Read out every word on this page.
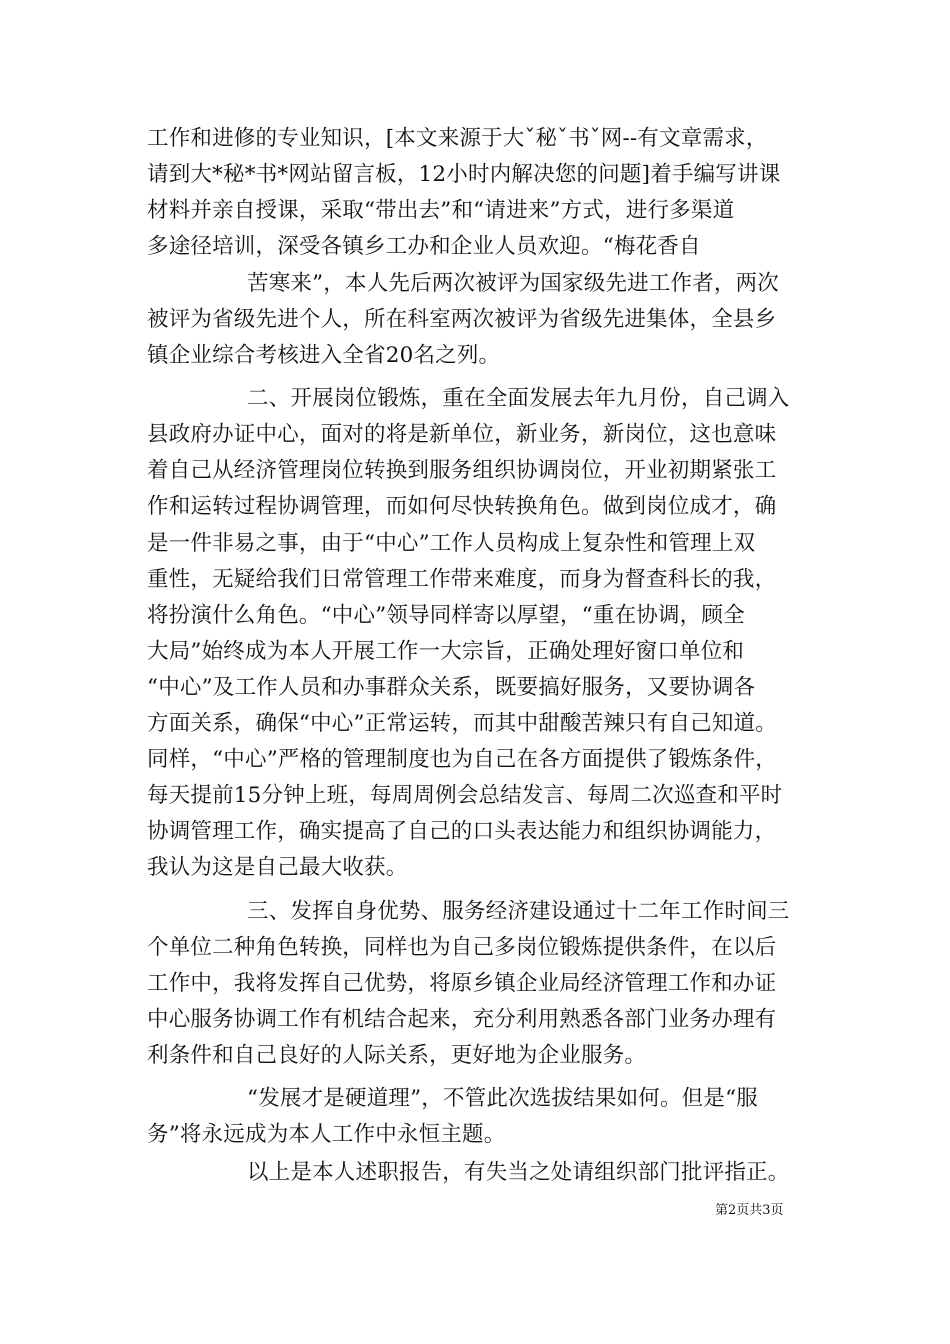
工作和进修的专业知识，[本文来源于大ˇ秘ˇ书ˇ网--有文章需求，
请到大*秘*书*网站留言板，12小时内解决您的问题]着手编写讲课
材料并亲自授课，采取“带出去”和“请进来”方式，进行多渠道
多途径培训，深受各镇乡工办和企业人员欢迎。“梅花香自
苦寒来”，本人先后两次被评为国家级先进工作者，两次
被评为省级先进个人，所在科室两次被评为省级先进集体，全县乡
镇企业综合考核进入全省20名之列。
二、开展岗位锻炼，重在全面发展去年九月份，自己调入
县政府办证中心，面对的将是新单位，新业务，新岗位，这也意味
着自己从经济管理岗位转换到服务组织协调岗位，开业初期紧张工
作和运转过程协调管理，而如何尽快转换角色。做到岗位成才，确
是一件非易之事，由于“中心”工作人员构成上复杂性和管理上双
重性，无疑给我们日常管理工作带来难度，而身为督查科长的我，
将扮演什么角色。“中心”领导同样寄以厚望，“重在协调，顾全
大局”始终成为本人开展工作一大宗旨，正确处理好窗口单位和
“中心”及工作人员和办事群众关系，既要搞好服务，又要协调各
方面关系，确保“中心”正常运转，而其中甜酸苦辣只有自己知道。
同样，“中心”严格的管理制度也为自己在各方面提供了锻炼条件，
每天提前15分钟上班，每周周例会总结发言、每周二次巡查和平时
协调管理工作，确实提高了自己的口头表达能力和组织协调能力，
我认为这是自己最大收获。
三、发挥自身优势、服务经济建设通过十二年工作时间三
个单位二种角色转换，同样也为自己多岗位锻炼提供条件，在以后
工作中，我将发挥自己优势，将原乡镇企业局经济管理工作和办证
中心服务协调工作有机结合起来，充分利用熟悉各部门业务办理有
利条件和自己良好的人际关系，更好地为企业服务。
“发展才是硬道理”，不管此次选拔结果如何。但是“服
务”将永远成为本人工作中永恒主题。
以上是本人述职报告，有失当之处请组织部门批评指正。
第2页共3页
